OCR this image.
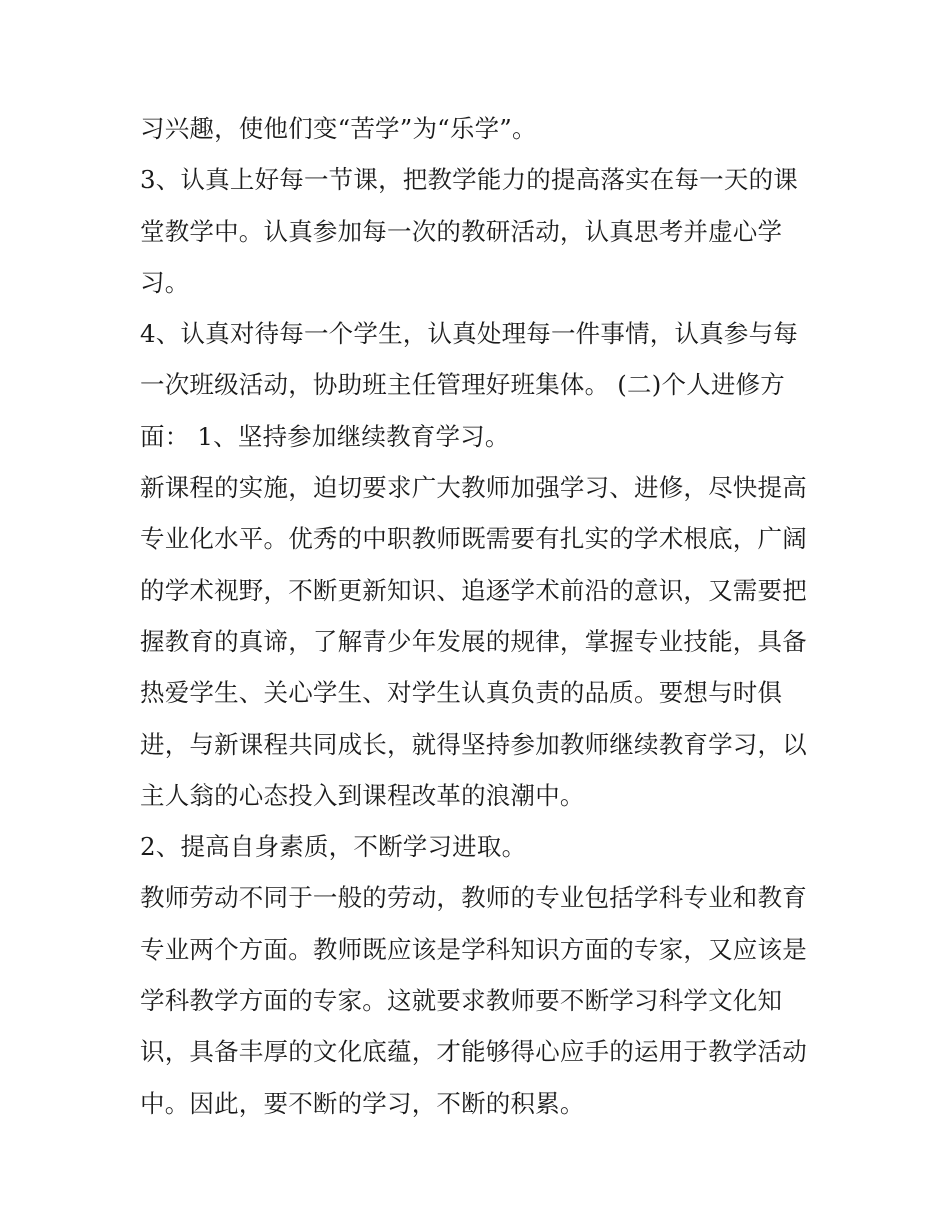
习兴趣，使他们变“苦学”为“乐学”。
3、认真上好每一节课，把教学能力的提高落实在每一天的课
堂教学中。认真参加每一次的教研活动，认真思考并虚心学
习。
4、认真对待每一个学生，认真处理每一件事情，认真参与每
一次班级活动，协助班主任管理好班集体。 (二)个人进修方
面： 1、坚持参加继续教育学习。
新课程的实施，迫切要求广大教师加强学习、进修，尽快提高
专业化水平。优秀的中职教师既需要有扎实的学术根底，广阔
的学术视野，不断更新知识、追逐学术前沿的意识，又需要把
握教育的真谛，了解青少年发展的规律，掌握专业技能，具备
热爱学生、关心学生、对学生认真负责的品质。要想与时俱
进，与新课程共同成长，就得坚持参加教师继续教育学习，以
主人翁的心态投入到课程改革的浪潮中。
2、提高自身素质，不断学习进取。
教师劳动不同于一般的劳动，教师的专业包括学科专业和教育
专业两个方面。教师既应该是学科知识方面的专家，又应该是
学科教学方面的专家。这就要求教师要不断学习科学文化知
识，具备丰厚的文化底蕴，才能够得心应手的运用于教学活动
中。因此，要不断的学习，不断的积累。
